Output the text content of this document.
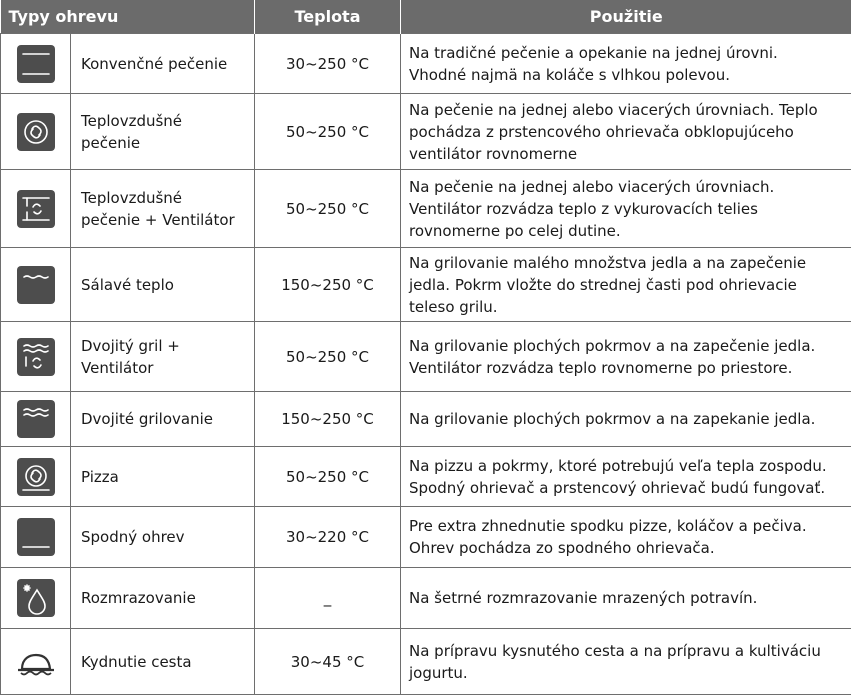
Typy ohrevu		Teplota	Použitie

Konvenčné pečenie	30~250 °C	Na tradičné pečenie a opekanie na jednej úrovni.
Vhodné najmä na koláče s vlhkou polevou.

Teplovzdušné
pečenie	50~250 °C	Na pečenie na jednej alebo viacerých úrovniach. Teplo
pochádza z prstencového ohrievača obklopujúceho
ventilátor rovnomerne

Teplovzdušné
pečenie + Ventilátor	50~250 °C	Na pečenie na jednej alebo viacerých úrovniach.
Ventilátor rozvádza teplo z vykurovacích telies
rovnomerne po celej dutine.

Sálavé teplo	150~250 °C	Na grilovanie malého množstva jedla a na zapečenie
jedla. Pokrm vložte do strednej časti pod ohrievacie
teleso grilu.

Dvojitý gril +
Ventilátor	50~250 °C	Na grilovanie plochých pokrmov a na zapečenie jedla.
Ventilátor rozvádza teplo rovnomerne po priestore.

Dvojité grilovanie	150~250 °C	Na grilovanie plochých pokrmov a na zapekanie jedla.

Pizza	50~250 °C	Na pizzu a pokrmy, ktoré potrebujú veľa tepla zospodu.
Spodný ohrievač a prstencový ohrievač budú fungovať.

Spodný ohrev	30~220 °C	Pre extra zhnednutie spodku pizze, koláčov a pečiva.
Ohrev pochádza zo spodného ohrievača.

Rozmrazovanie	_	Na šetrné rozmrazovanie mrazených potravín.

Kydnutie cesta	30~45 °C	Na prípravu kysnutého cesta a na prípravu a kultiváciu
jogurtu.
